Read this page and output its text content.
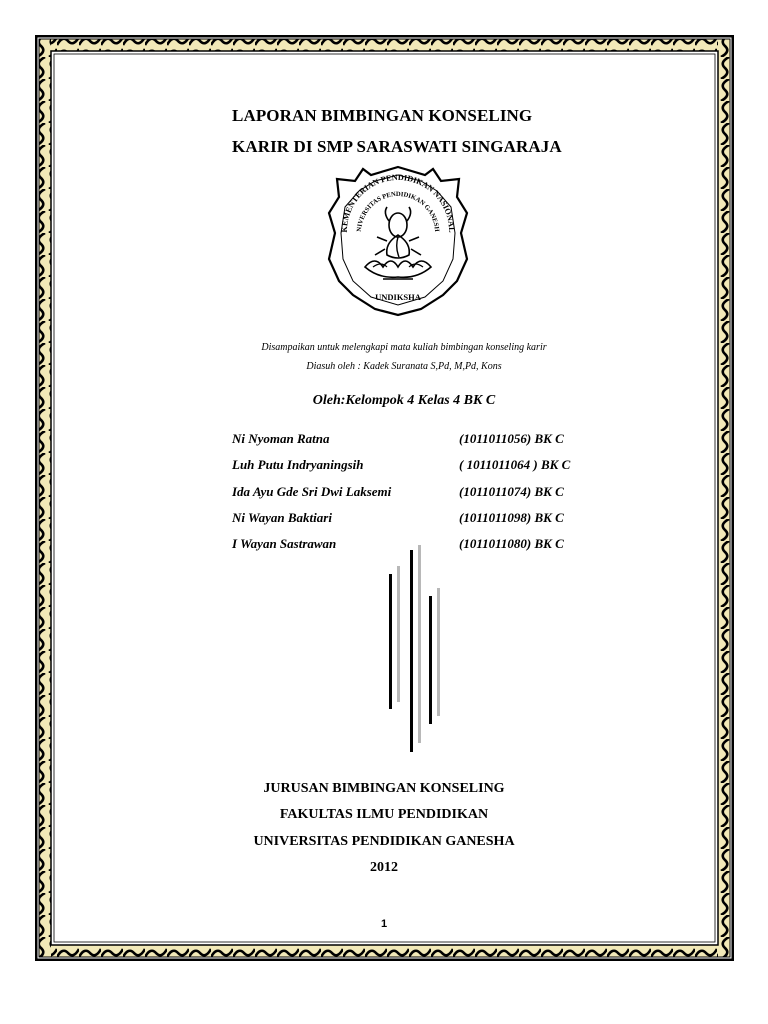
LAPORAN BIMBINGAN KONSELING
KARIR DI SMP SARASWATI SINGARAJA
KEMENTERIAN PENDIDIKAN NASIONAL
NIVERSITAS PENDIDIKAN GANESH
UNDIKSHA
Disampaikan untuk melengkapi mata kuliah bimbingan konseling karir
Diasuh oleh : Kadek Suranata S,Pd, M,Pd, Kons
Oleh:Kelompok 4 Kelas 4 BK C
Ni Nyoman Ratna	(1011011056) BK C
Luh Putu Indryaningsih	( 1011011064 ) BK C
Ida Ayu Gde Sri Dwi Laksemi	(1011011074) BK C
Ni Wayan Baktiari	(1011011098) BK C
I Wayan Sastrawan	(1011011080) BK C
JURUSAN BIMBINGAN KONSELING
FAKULTAS ILMU PENDIDIKAN
UNIVERSITAS PENDIDIKAN GANESHA
2012
1
